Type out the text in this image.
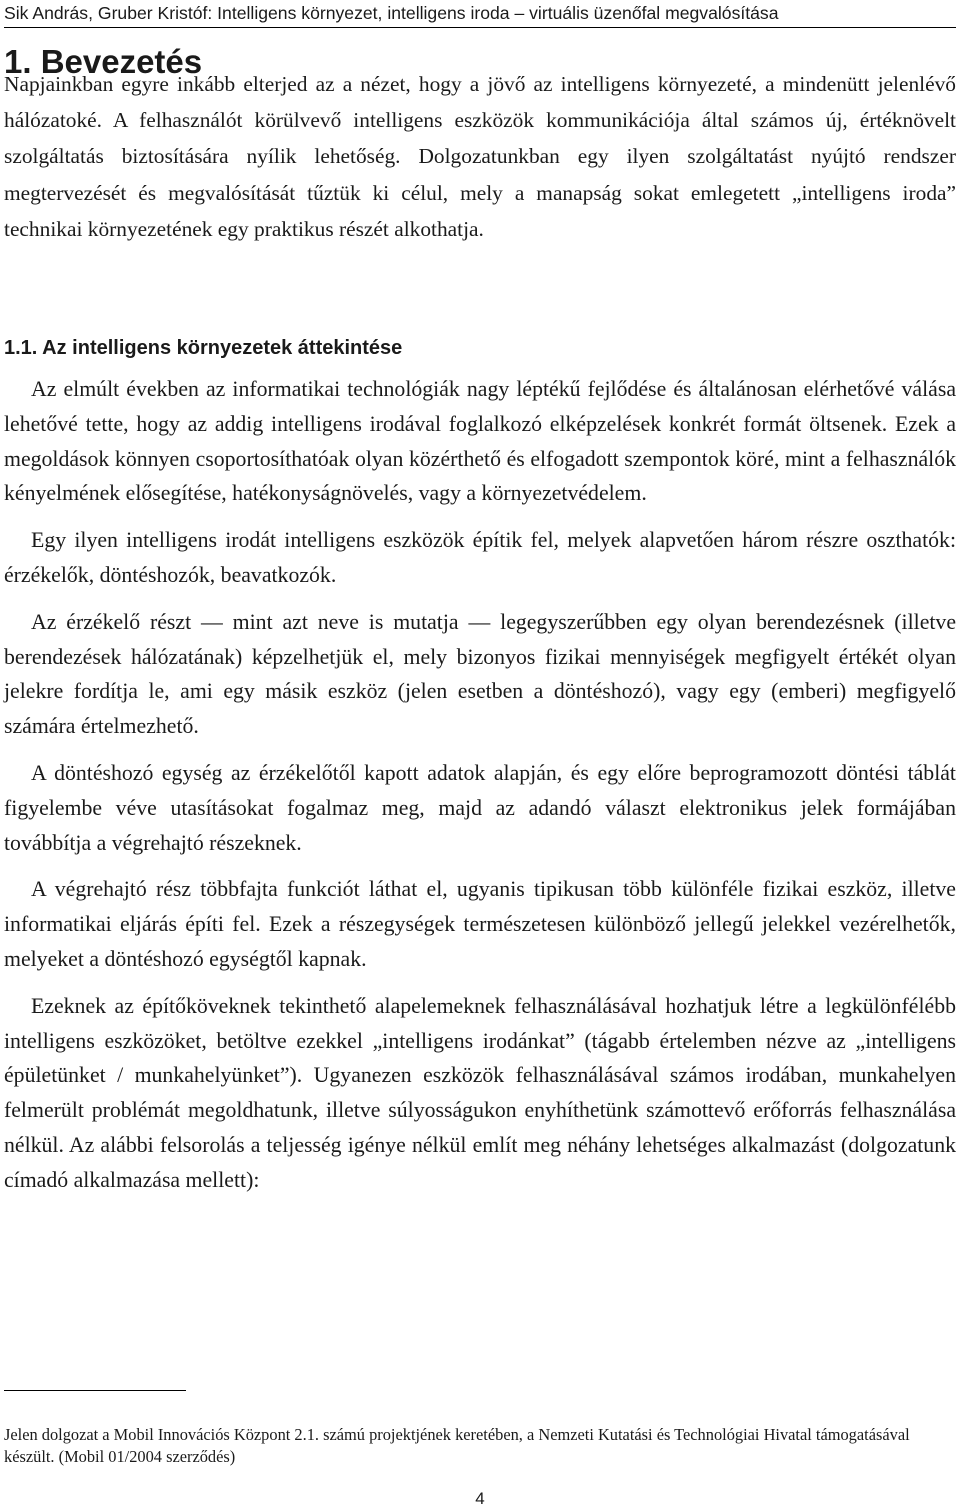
Sik András, Gruber Kristóf: Intelligens környezet, intelligens iroda – virtuális üzenőfal megvalósítása
1. Bevezetés

Napjainkban egyre inkább elterjed az a nézet, hogy a jövő az intelligens környezeté, a mindenütt jelenlévő hálózatoké. A felhasználót körülvevő intelligens eszközök kommunikációja által számos új, értéknövelt szolgáltatás biztosítására nyílik lehetőség. Dolgozatunkban egy ilyen szolgáltatást nyújtó rendszer megtervezését és megvalósítását tűztük ki célul, mely a manapság sokat emlegetett „intelligens iroda” technikai környezetének egy praktikus részét alkothatja.

1.1. Az intelligens környezetek áttekintése

Az elmúlt években az informatikai technológiák nagy léptékű fejlődése és általánosan elérhetővé válása lehetővé tette, hogy az addig intelligens irodával foglalkozó elképzelések konkrét formát öltsenek. Ezek a megoldások könnyen csoportosíthatóak olyan közérthető és elfogadott szempontok köré, mint a felhasználók kényelmének elősegítése, hatékonyságnövelés, vagy a környezetvédelem.

Egy ilyen intelligens irodát intelligens eszközök építik fel, melyek alapvetően három részre oszthatók: érzékelők, döntéshozók, beavatkozók.

Az érzékelő részt — mint azt neve is mutatja — legegyszerűbben egy olyan berendezésnek (illetve berendezések hálózatának) képzelhetjük el, mely bizonyos fizikai mennyiségek megfigyelt értékét olyan jelekre fordítja le, ami egy másik eszköz (jelen esetben a döntéshozó), vagy egy (emberi) megfigyelő számára értelmezhető.

A döntéshozó egység az érzékelőtől kapott adatok alapján, és egy előre beprogramozott döntési táblát figyelembe véve utasításokat fogalmaz meg, majd az adandó választ elektronikus jelek formájában továbbítja a végrehajtó részeknek.

A végrehajtó rész többfajta funkciót láthat el, ugyanis tipikusan több különféle fizikai eszköz, illetve informatikai eljárás építi fel. Ezek a részegységek természetesen különböző jellegű jelekkel vezérelhetők, melyeket a döntéshozó egységtől kapnak.

Ezeknek az építőköveknek tekinthető alapelemeknek felhasználásával hozhatjuk létre a legkülönfélébb intelligens eszközöket, betöltve ezekkel „intelligens irodánkat” (tágabb értelemben nézve az „intelligens épületünket / munkahelyünket”). Ugyanezen eszközök felhasználásával számos irodában, munkahelyen felmerült problémát megoldhatunk, illetve súlyosságukon enyhíthetünk számottevő erőforrás felhasználása nélkül. Az alábbi felsorolás a teljesség igénye nélkül említ meg néhány lehetséges alkalmazást (dolgozatunk címadó alkalmazása mellett):

Jelen dolgozat a Mobil Innovációs Központ 2.1. számú projektjének keretében, a Nemzeti Kutatási és Technológiai Hivatal támogatásával készült. (Mobil 01/2004 szerződés)

4
